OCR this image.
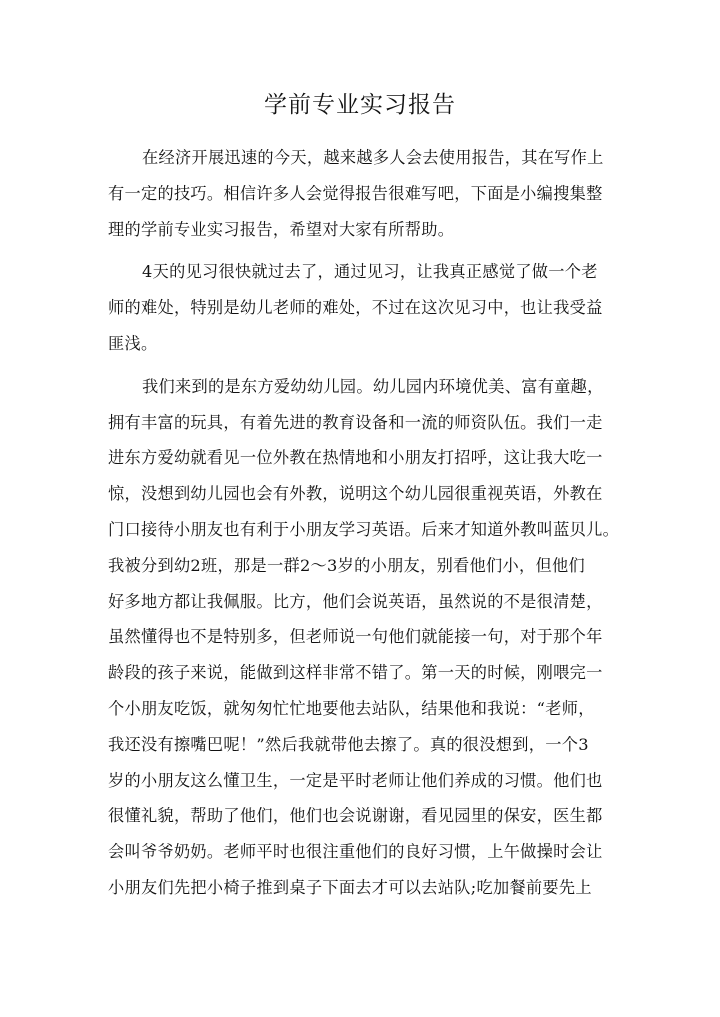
学前专业实习报告
在经济开展迅速的今天，越来越多人会去使用报告，其在写作上
有一定的技巧。相信许多人会觉得报告很难写吧，下面是小编搜集整
理的学前专业实习报告，希望对大家有所帮助。
4天的见习很快就过去了，通过见习，让我真正感觉了做一个老
师的难处，特别是幼儿老师的难处，不过在这次见习中，也让我受益
匪浅。
我们来到的是东方爱幼幼儿园。幼儿园内环境优美、富有童趣，
拥有丰富的玩具，有着先进的教育设备和一流的师资队伍。我们一走
进东方爱幼就看见一位外教在热情地和小朋友打招呼，这让我大吃一
惊，没想到幼儿园也会有外教，说明这个幼儿园很重视英语，外教在
门口接待小朋友也有利于小朋友学习英语。后来才知道外教叫蓝贝儿。
我被分到幼2班，那是一群2～3岁的小朋友，别看他们小，但他们
好多地方都让我佩服。比方，他们会说英语，虽然说的不是很清楚，
虽然懂得也不是特别多，但老师说一句他们就能接一句，对于那个年
龄段的孩子来说，能做到这样非常不错了。第一天的时候，刚喂完一
个小朋友吃饭，就匆匆忙忙地要他去站队，结果他和我说：“老师，
我还没有擦嘴巴呢！”然后我就带他去擦了。真的很没想到，一个3
岁的小朋友这么懂卫生，一定是平时老师让他们养成的习惯。他们也
很懂礼貌，帮助了他们，他们也会说谢谢，看见园里的保安，医生都
会叫爷爷奶奶。老师平时也很注重他们的良好习惯，上午做操时会让
小朋友们先把小椅子推到桌子下面去才可以去站队;吃加餐前要先上
